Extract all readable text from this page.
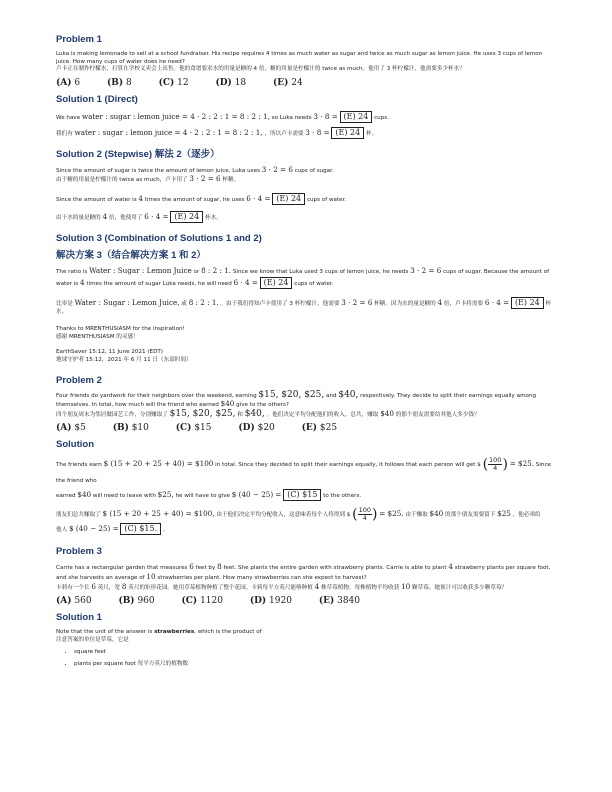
Problem 1

Luka is making lemonade to sell at a school fundraiser. His recipe requires 4 times as much water as sugar and twice as much sugar as lemon juice. He uses 3 cups of lemon juice. How many cups of water does he need?

卢卡正在制作柠檬水，打算在学校义卖会上出售。他的食谱要求水的用量是糖的 4 倍，糖的用量是柠檬汁的 twice as much。他用了 3 杯柠檬汁，他需要多少杯水？

(A) 6	(B) 8	(C) 12	(D) 18	(E) 24
Solution 1 (Direct)

We have water : sugar : lemon juice = 4 · 2 : 2 : 1 = 8 : 2 : 1, so Luka needs 3 · 8 = (E) 24 cups.

我们有 water : sugar : lemon juice = 4 · 2 : 2 : 1 = 8 : 2 : 1, ，所以卢卡需要 3 · 8 = (E) 24 杯。

Solution 2 (Stepwise) 解法 2（逐步）

Since the amount of sugar is twice the amount of lemon juice, Luka uses 3 · 2 = 6 cups of sugar.

由于糖的用量是柠檬汁的 twice as much，卢卡用了 3 · 2 = 6 杯糖。

Since the amount of water is 4 times the amount of sugar, he uses 6 · 4 = (E) 24 cups of water.

由于水的量是糖的 4 倍，他使用了 6 · 4 = (E) 24 杯水。

Solution 3 (Combination of Solutions 1 and 2)
解决方案 3（结合解决方案 1 和 2）

The ratio is Water : Sugar : Lemon Juice or 8 : 2 : 1. Since we know that Luka used 3 cups of lemon juice, he needs 3 · 2 = 6 cups of sugar. Because the amount of water is 4 times the amount of sugar Luka needs, he will need 6 · 4 = (E) 24 cups of water.

比率是 Water : Sugar : Lemon Juice, 或 8 : 2 : 1. 。由于我们得知卢卡使用了 3 杯柠檬汁，他需要 3 · 2 = 6 杯糖。因为水的量是糖的 4 倍，卢卡将需要 6 · 4 = (E) 24 杯水。

Thanks to MRENTHUSIASM for the inspiration!

感谢 MRENTHUSIASM 的灵感！

EarthSaver 15:12, 11 June 2021 (EDT)

地球守护者 15:12，2021 年 6 月 11 日（东部时间）

Problem 2

Four friends do yardwork for their neighbors over the weekend, earning $15, $20, $25, and $40, respectively. They decide to split their earnings equally among themselves. In total, how much will the friend who earned $40 give to the others?

四个朋友周末为邻居做园艺工作，分别赚取了 $15, $20, $25, 和 $40, 。他们决定平均分配他们的收入。总共，赚取 $40 的那个朋友需要给其他人多少钱？

(A) $5	(B) $10	(C) $15	(D) $20	(E) $25
Solution

The friends earn $ (15 + 20 + 25 + 40) = $100 in total. Since they decided to split their earnings equally, it follows that each person will get $ ( $\frac{100}{4}$ ) = $25. Since the friend who

earned $40 will need to leave with $25, he will have to give $ (40 − 25) = (C) $15 to the others.

朋友们总共赚取了 $ (15 + 20 + 25 + 40) = $100, 由于他们决定平均分配收入，这意味着每个人将得到 $ ( $\frac{100}{4}$ ) = $25. 由于赚取 $40 的那个朋友需要留下 $25 ，他必须给

他人 $ (40 − 25) = (C) $15. 。

Problem 3

Carrie has a rectangular garden that measures 6 feet by 8 feet. She plants the entire garden with strawberry plants. Carrie is able to plant 4 strawberry plants per square foot, and she harvests an average of 10 strawberries per plant. How many strawberries can she expect to harvest?

卡莉有一个长 6 英尺，宽 8 英尺的矩形花园。她用草莓植物种植了整个花园。卡莉每平方英尺能够种植 4 株草莓植物，每株植物平均收获 10 颗草莓。她预计可以收获多少颗草莓？

(A) 560	(B) 960	(C) 1120	(D) 1920	(E) 3840
Solution 1

Note that the unit of the answer is strawberries, which is the product of

注意答案的单位是草莓，它是

• square feet
• plants per square foot 每平方英尺的植物数
